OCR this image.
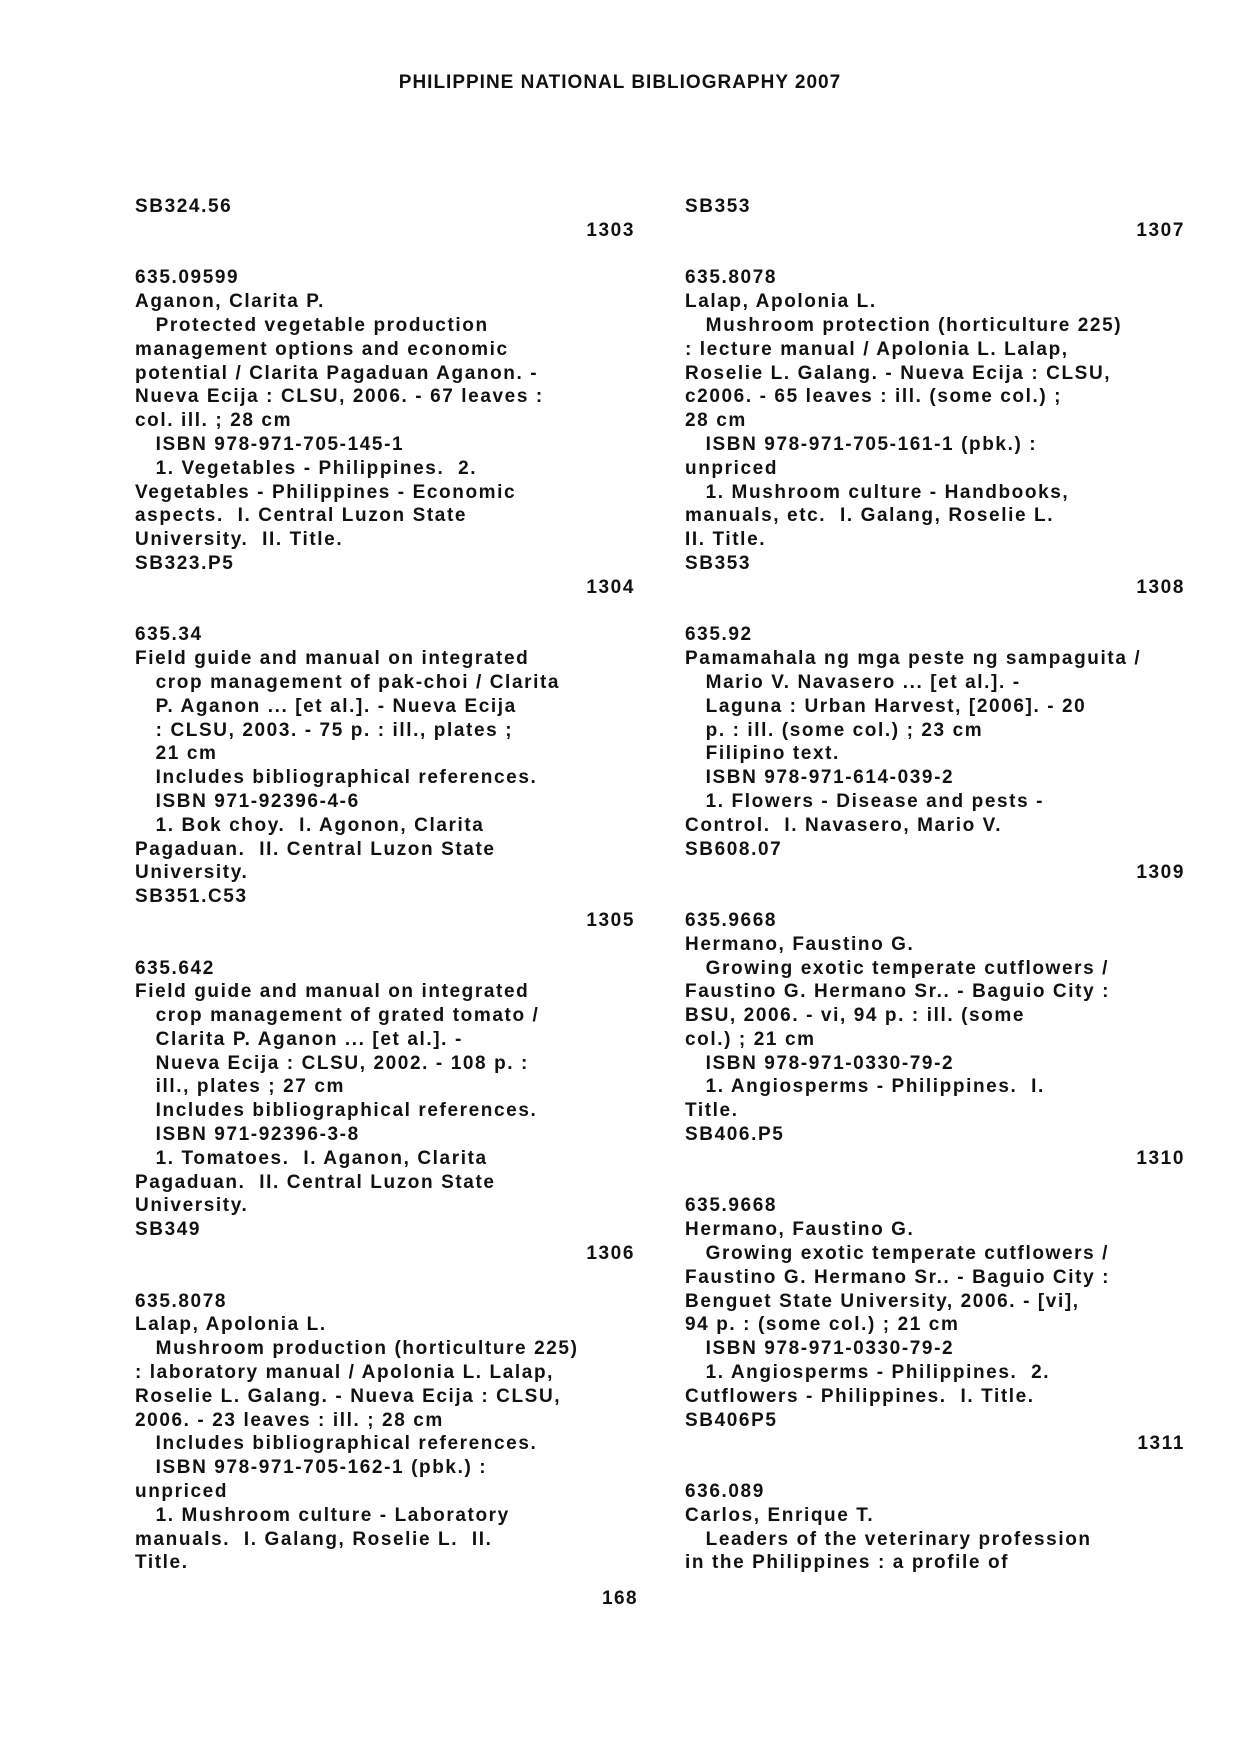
PHILIPPINE NATIONAL BIBLIOGRAPHY 2007
SB324.56
1303
635.09599
Aganon, Clarita P.
Protected vegetable production
management options and economic
potential / Clarita Pagaduan Aganon. -
Nueva Ecija : CLSU, 2006. - 67 leaves :
col. ill. ; 28 cm
ISBN 978-971-705-145-1
1. Vegetables - Philippines.  2.
Vegetables - Philippines - Economic
aspects.  I. Central Luzon State
University.  II. Title.
SB323.P5
1304
635.34
Field guide and manual on integrated
crop management of pak-choi / Clarita
P. Aganon ... [et al.]. - Nueva Ecija
: CLSU, 2003. - 75 p. : ill., plates ;
21 cm
Includes bibliographical references.
ISBN 971-92396-4-6
1. Bok choy.  I. Agonon, Clarita
Pagaduan.  II. Central Luzon State
University.
SB351.C53
1305
635.642
Field guide and manual on integrated
crop management of grated tomato /
Clarita P. Aganon ... [et al.]. -
Nueva Ecija : CLSU, 2002. - 108 p. :
ill., plates ; 27 cm
Includes bibliographical references.
ISBN 971-92396-3-8
1. Tomatoes.  I. Aganon, Clarita
Pagaduan.  II. Central Luzon State
University.
SB349
1306
635.8078
Lalap, Apolonia L.
Mushroom production (horticulture 225)
: laboratory manual / Apolonia L. Lalap,
Roselie L. Galang. - Nueva Ecija : CLSU,
2006. - 23 leaves : ill. ; 28 cm
Includes bibliographical references.
ISBN 978-971-705-162-1 (pbk.) :
unpriced
1. Mushroom culture - Laboratory
manuals.  I. Galang, Roselie L.  II.
Title.
SB353
1307
635.8078
Lalap, Apolonia L.
Mushroom protection (horticulture 225)
: lecture manual / Apolonia L. Lalap,
Roselie L. Galang. - Nueva Ecija : CLSU,
c2006. - 65 leaves : ill. (some col.) ;
28 cm
ISBN 978-971-705-161-1 (pbk.) :
unpriced
1. Mushroom culture - Handbooks,
manuals, etc.  I. Galang, Roselie L.
II. Title.
SB353
1308
635.92
Pamamahala ng mga peste ng sampaguita /
Mario V. Navasero ... [et al.]. -
Laguna : Urban Harvest, [2006]. - 20
p. : ill. (some col.) ; 23 cm
Filipino text.
ISBN 978-971-614-039-2
1. Flowers - Disease and pests -
Control.  I. Navasero, Mario V.
SB608.07
1309
635.9668
Hermano, Faustino G.
Growing exotic temperate cutflowers /
Faustino G. Hermano Sr.. - Baguio City :
BSU, 2006. - vi, 94 p. : ill. (some
col.) ; 21 cm
ISBN 978-971-0330-79-2
1. Angiosperms - Philippines.  I.
Title.
SB406.P5
1310
635.9668
Hermano, Faustino G.
Growing exotic temperate cutflowers /
Faustino G. Hermano Sr.. - Baguio City :
Benguet State University, 2006. - [vi],
94 p. : (some col.) ; 21 cm
ISBN 978-971-0330-79-2
1. Angiosperms - Philippines.  2.
Cutflowers - Philippines.  I. Title.
SB406P5
1311
636.089
Carlos, Enrique T.
Leaders of the veterinary profession
in the Philippines : a profile of
168
